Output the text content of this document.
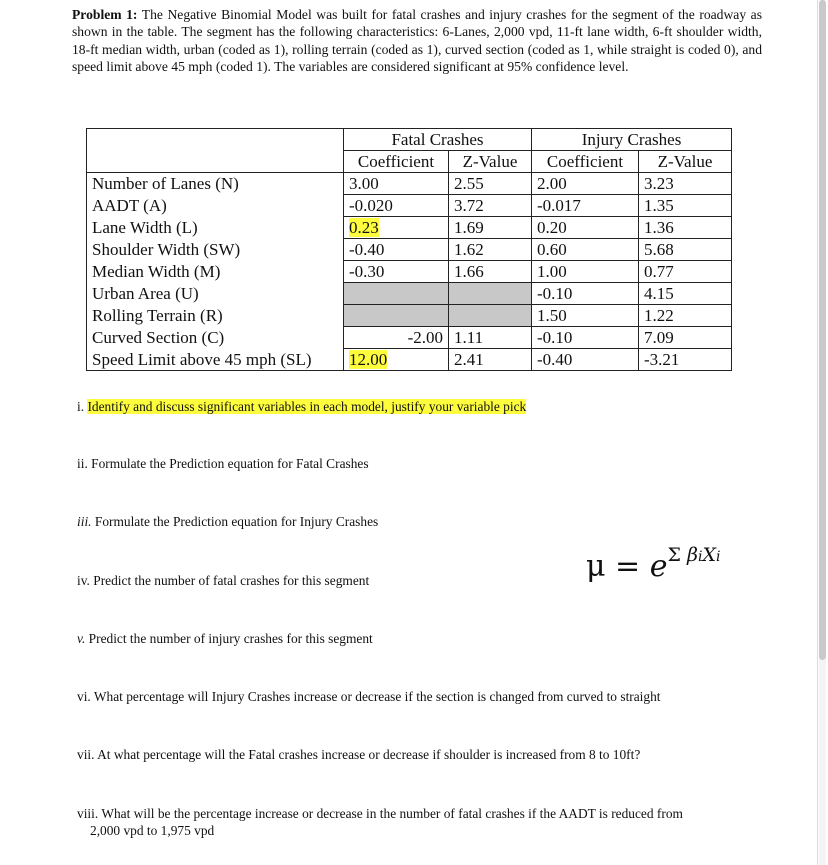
Problem 1: The Negative Binomial Model was built for fatal crashes and injury crashes for the segment of the roadway as shown in the table. The segment has the following characteristics: 6-Lanes, 2,000 vpd, 11-ft lane width, 6-ft shoulder width, 18-ft median width, urban (coded as 1), rolling terrain (coded as 1), curved section (coded as 1, while straight is coded 0), and speed limit above 45 mph (coded 1). The variables are considered significant at 95% confidence level.
	Fatal Crashes		Injury Crashes	
	Coefficient	Z-Value	Coefficient	Z-Value
Number of Lanes (N)	3.00	2.55	2.00	3.23
AADT (A)	-0.020	3.72	-0.017	1.35
Lane Width (L)	0.23	1.69	0.20	1.36
Shoulder Width (SW)	-0.40	1.62	0.60	5.68
Median Width (M)	-0.30	1.66	1.00	0.77
Urban Area (U)			-0.10	4.15
Rolling Terrain (R)			1.50	1.22
Curved Section (C)	-2.00	1.11	-0.10	7.09
Speed Limit above 45 mph (SL)	12.00	2.41	-0.40	-3.21
i. Identify and discuss significant variables in each model, justify your variable pick
ii. Formulate the Prediction equation for Fatal Crashes
iii. Formulate the Prediction equation for Injury Crashes
iv. Predict the number of fatal crashes for this segment
v. Predict the number of injury crashes for this segment
vi. What percentage will Injury Crashes increase or decrease if the section is changed from curved to straight
vii. At what percentage will the Fatal crashes increase or decrease if shoulder is increased from 8 to 10ft?
viii. What will be the percentage increase or decrease in the number of fatal crashes if the AADT is reduced from
2,000 vpd to 1,975 vpd
$\mu = e^{\Sigma \beta iXi}$
